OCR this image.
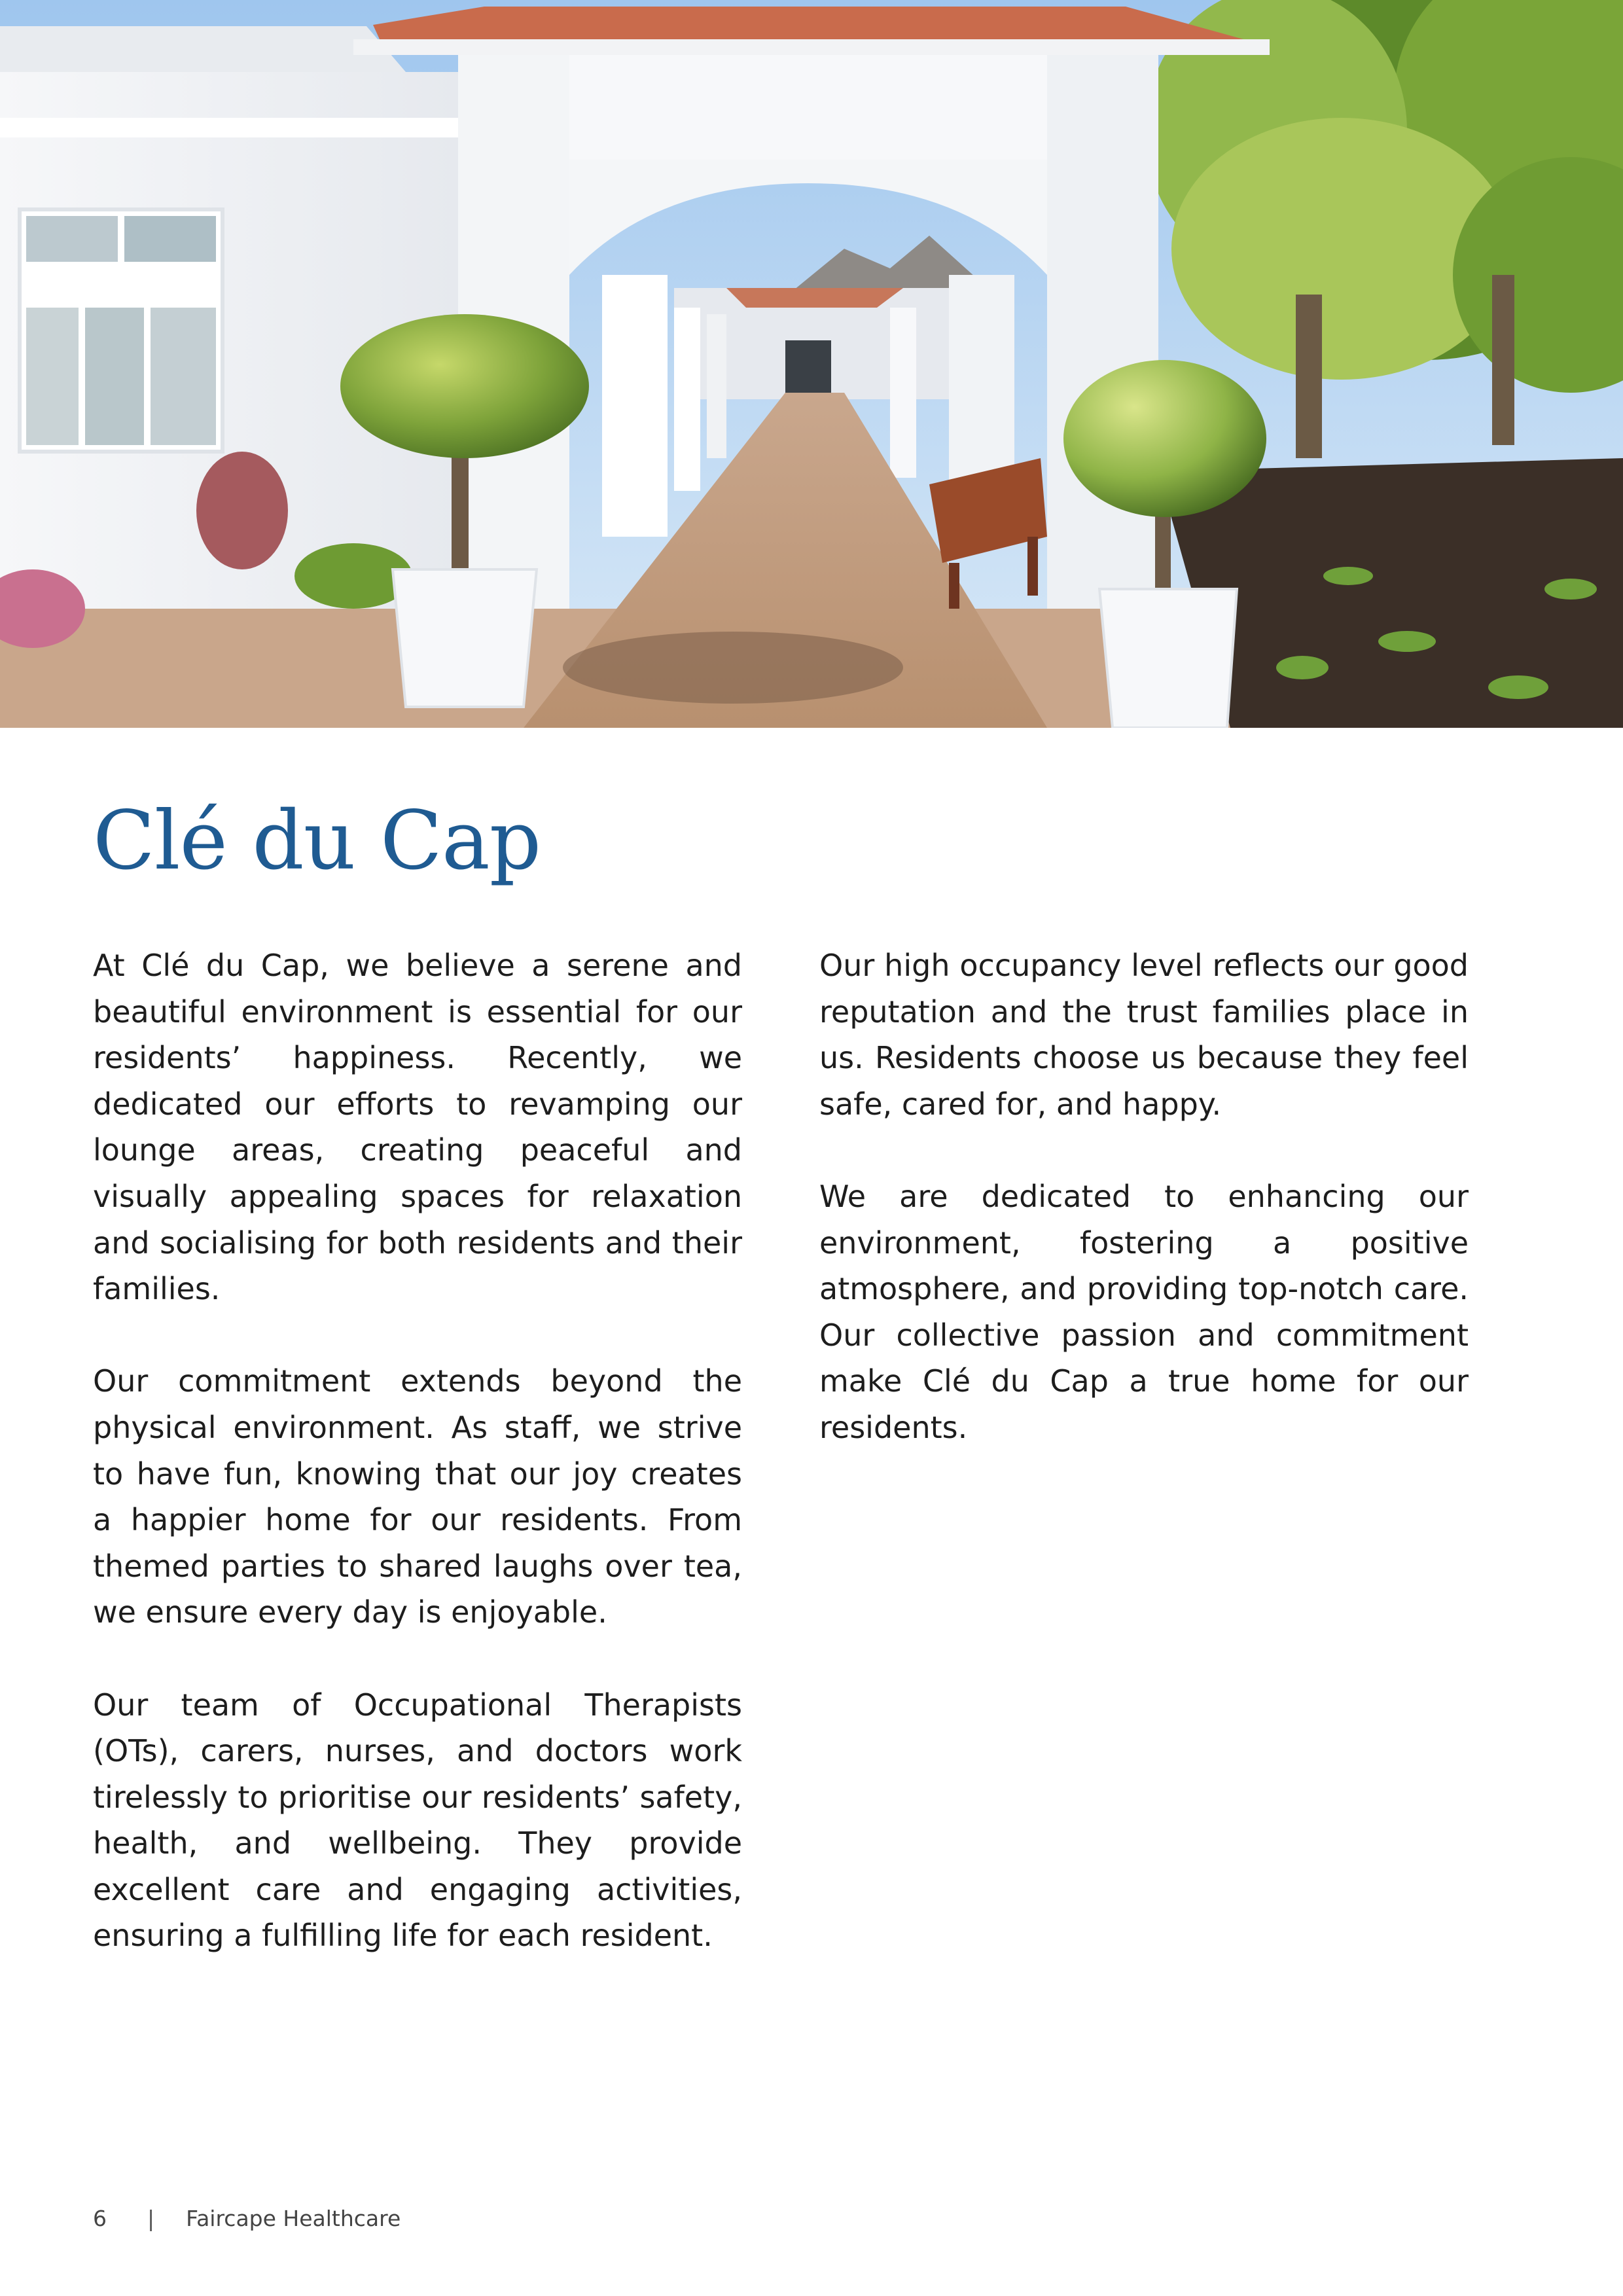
Clé du Cap

At Clé du Cap, we believe a serene and beautiful environment is essential for our residents’ happiness. Recently, we dedicated our efforts to revamping our lounge areas, creating peaceful and visually appealing spaces for relaxation and socialising for both residents and their families.

Our commitment extends beyond the physical environment. As staff, we strive to have fun, knowing that our joy creates a happier home for our residents. From themed parties to shared laughs over tea, we ensure every day is enjoyable.

Our team of Occupational Therapists (OTs), carers, nurses, and doctors work tirelessly to prioritise our residents’ safety, health, and wellbeing. They provide excellent care and engaging activities, ensuring a fulfilling life for each resident.

Our high occupancy level reflects our good reputation and the trust families place in us. Residents choose us because they feel safe, cared for, and happy.

We are dedicated to enhancing our environment, fostering a positive atmosphere, and providing top-notch care. Our collective passion and commitment make Clé du Cap a true home for our residents.

6 | Faircape Healthcare
